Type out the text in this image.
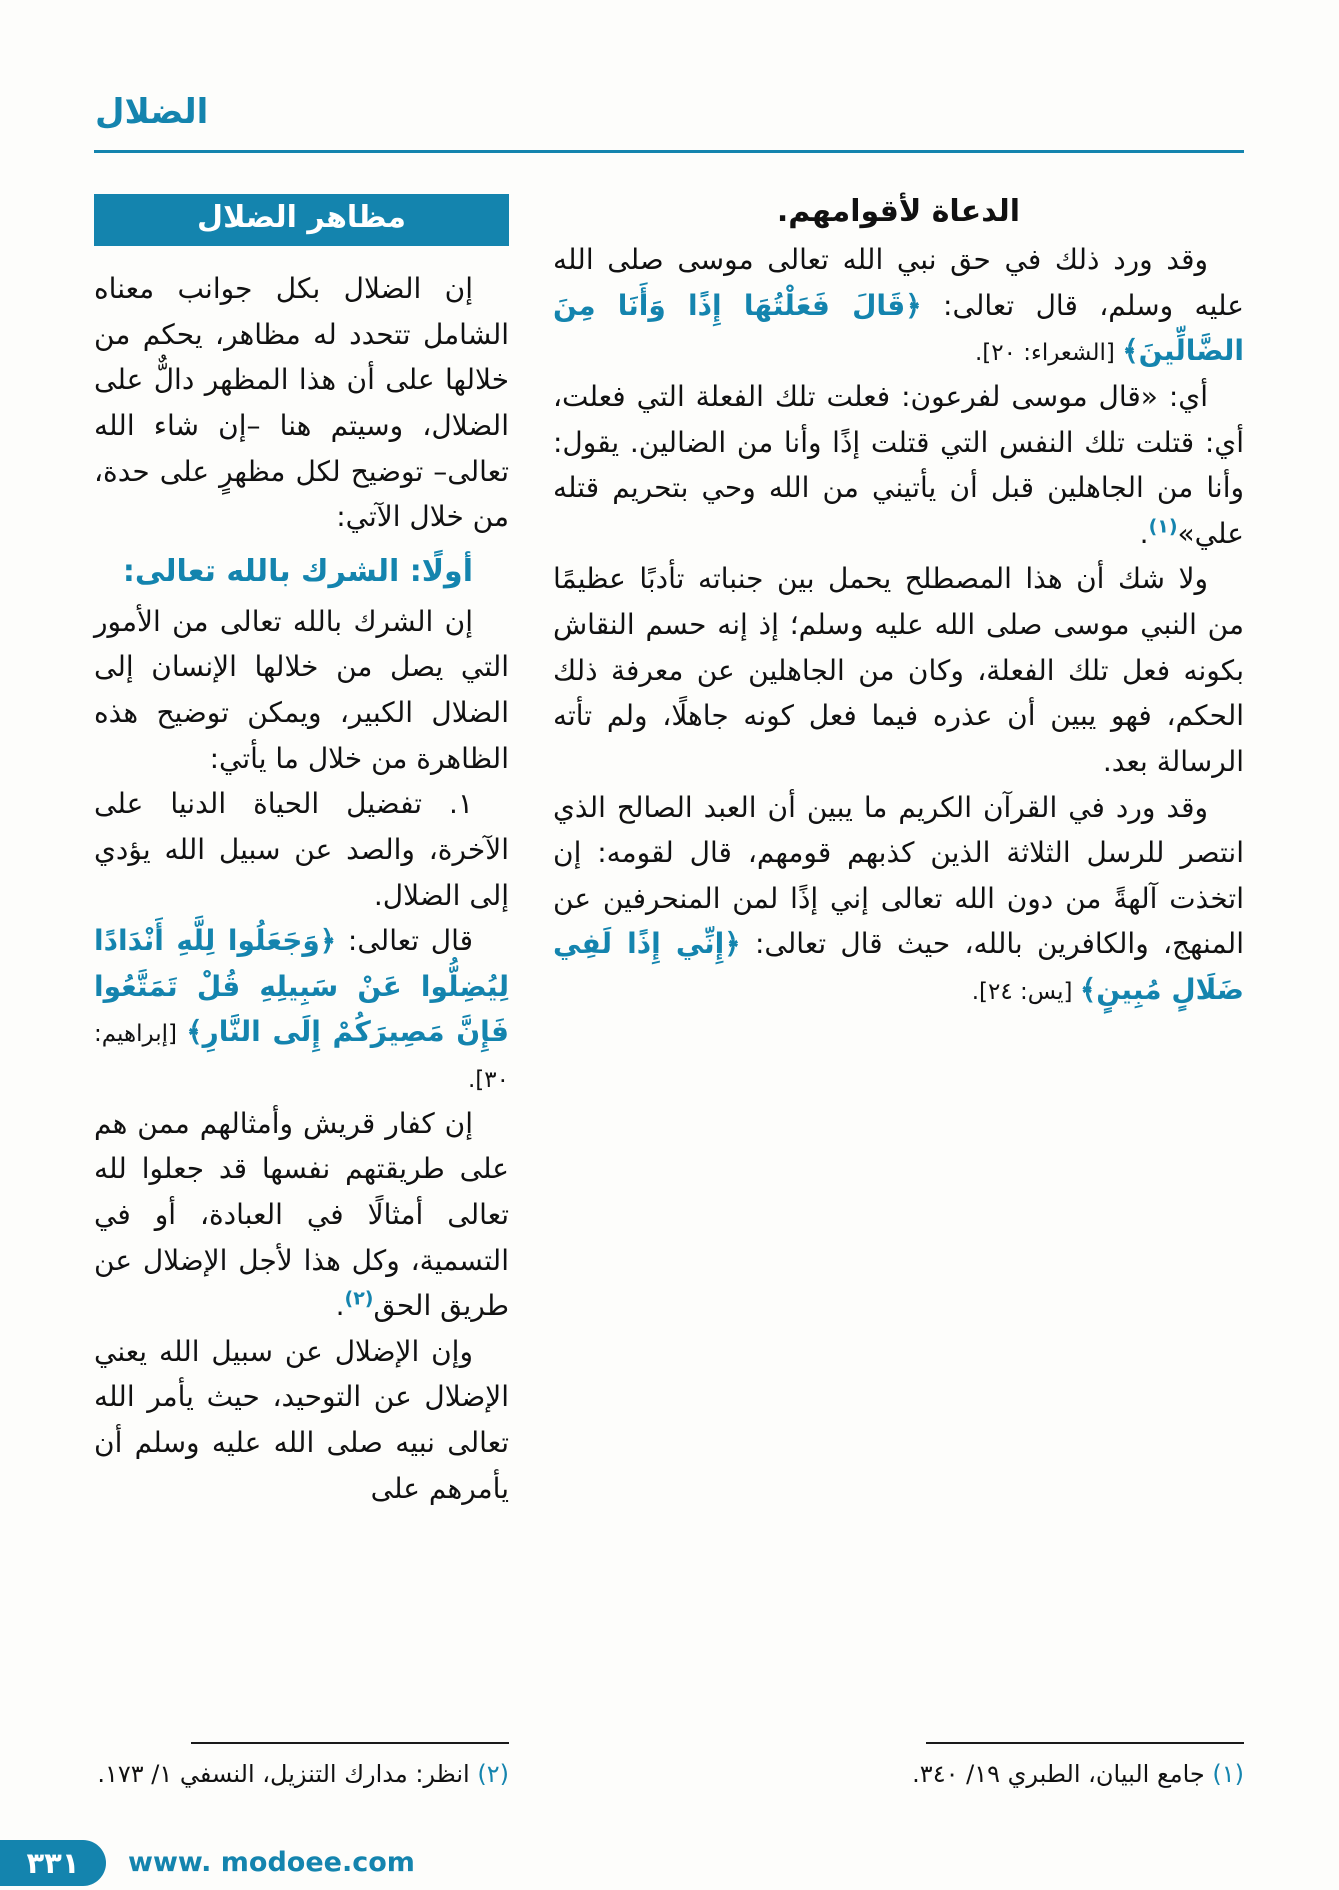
الضلال
الدعاة لأقوامهم.

وقد ورد ذلك في حق نبي الله تعالى موسى صلى الله عليه وسلم، قال تعالى: ﴿قَالَ فَعَلْتُهَا إِذًا وَأَنَا مِنَ الضَّالِّينَ﴾ [الشعراء: ٢٠].

أي: «قال موسى لفرعون: فعلت تلك الفعلة التي فعلت، أي: قتلت تلك النفس التي قتلت إذًا وأنا من الضالين. يقول: وأنا من الجاهلين قبل أن يأتيني من الله وحي بتحريم قتله علي»$^{(١)}$.

ولا شك أن هذا المصطلح يحمل بين جنباته تأدبًا عظيمًا من النبي موسى صلى الله عليه وسلم؛ إذ إنه حسم النقاش بكونه فعل تلك الفعلة، وكان من الجاهلين عن معرفة ذلك الحكم، فهو يبين أن عذره فيما فعل كونه جاهلًا، ولم تأته الرسالة بعد.

وقد ورد في القرآن الكريم ما يبين أن العبد الصالح الذي انتصر للرسل الثلاثة الذين كذبهم قومهم، قال لقومه: إن اتخذت آلهةً من دون الله تعالى إني إذًا لمن المنحرفين عن المنهج، والكافرين بالله، حيث قال تعالى: ﴿إِنِّي إِذًا لَفِي ضَلَالٍ مُبِينٍ﴾ [يس: ٢٤].

مظاهر الضلال

إن الضلال بكل جوانب معناه الشامل تتحدد له مظاهر، يحكم من خلالها على أن هذا المظهر دالٌّ على الضلال، وسيتم هنا –إن شاء الله تعالى– توضيح لكل مظهرٍ على حدة، من خلال الآتي:

أولًا: الشرك بالله تعالى:

إن الشرك بالله تعالى من الأمور التي يصل من خلالها الإنسان إلى الضلال الكبير، ويمكن توضيح هذه الظاهرة من خلال ما يأتي:

١. تفضيل الحياة الدنيا على الآخرة، والصد عن سبيل الله يؤدي إلى الضلال.

قال تعالى: ﴿وَجَعَلُوا لِلَّهِ أَنْدَادًا لِيُضِلُّوا عَنْ سَبِيلِهِ قُلْ تَمَتَّعُوا فَإِنَّ مَصِيرَكُمْ إِلَى النَّارِ﴾ [إبراهيم: ٣٠].

إن كفار قريش وأمثالهم ممن هم على طريقتهم نفسها قد جعلوا لله تعالى أمثالًا في العبادة، أو في التسمية، وكل هذا لأجل الإضلال عن طريق الحق$^{(٢)}$.

وإن الإضلال عن سبيل الله يعني الإضلال عن التوحيد، حيث يأمر الله تعالى نبيه صلى الله عليه وسلم أن يأمرهم على

(١) جامع البيان، الطبري ١٩/ ٣٤٠.

(٢) انظر: مدارك التنزيل، النسفي ١/ ١٧٣.

٣٣١	www. modoee.com
